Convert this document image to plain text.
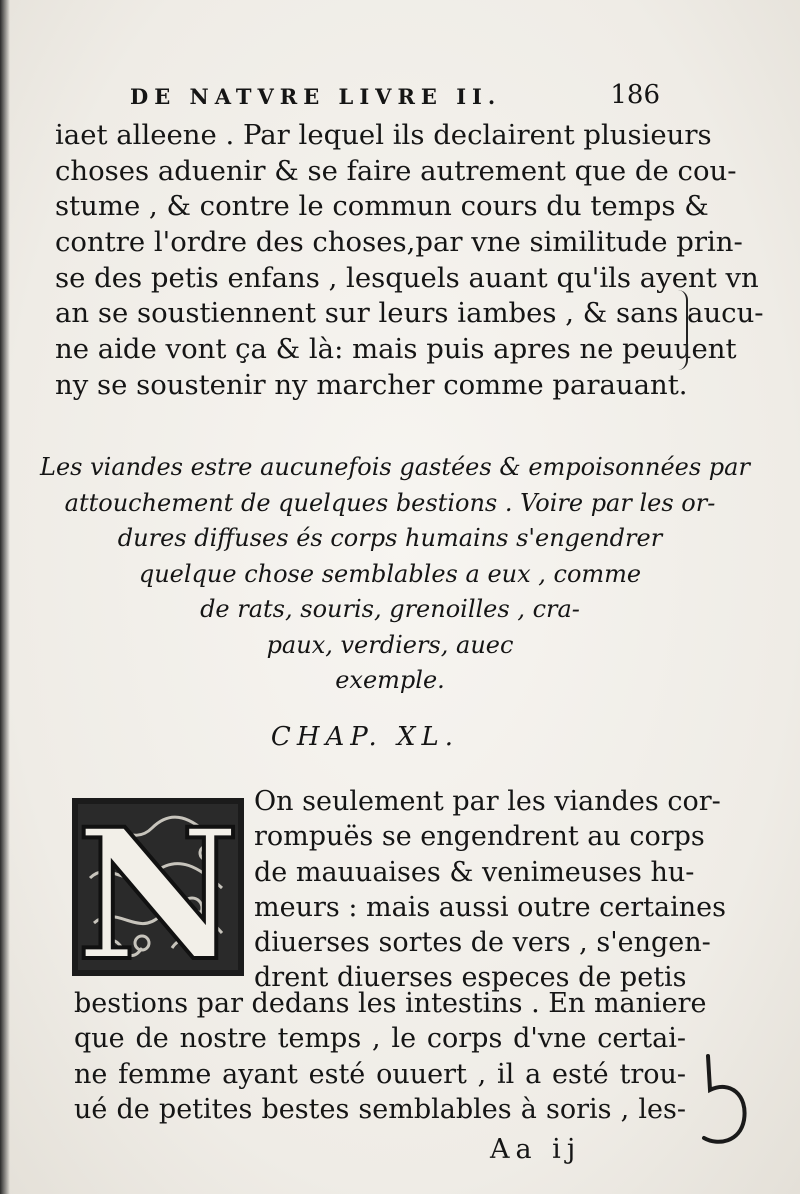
DE NATVRE LIVRE II.	186
iaet alleene . Par lequel ils declairent plusieurs
choses aduenir & se faire autrement que de cou-
stume , & contre le commun cours du temps &
contre l'ordre des choses,par vne similitude prin-
se des petis enfans , lesquels auant qu'ils ayent vn
an se soustiennent sur leurs iambes , & sans aucu-
ne aide vont ça & là: mais puis apres ne peuuent
ny se soustenir ny marcher comme parauant.
Les viandes estre aucunefois gastées & empoisonnées par
attouchement de quelques bestions . Voire par les or-
dures diffuses és corps humains s'engendrer
quelque chose semblables a eux , comme
de rats, souris, grenoilles , cra-
paux, verdiers, auec
exemple.
CHAP. XL.
N On seulement par les viandes cor-
rompuës se engendrent au corps
de mauuaises & venimeuses hu-
meurs : mais aussi outre certaines
diuerses sortes de vers , s'engen-
drent diuerses especes de petis
bestions par dedans les intestins . En maniere
que de nostre temps , le corps d'vne certai-
ne femme ayant esté ouuert , il a esté trou-
ué de petites bestes semblables à soris , les-
Aa ij
5
